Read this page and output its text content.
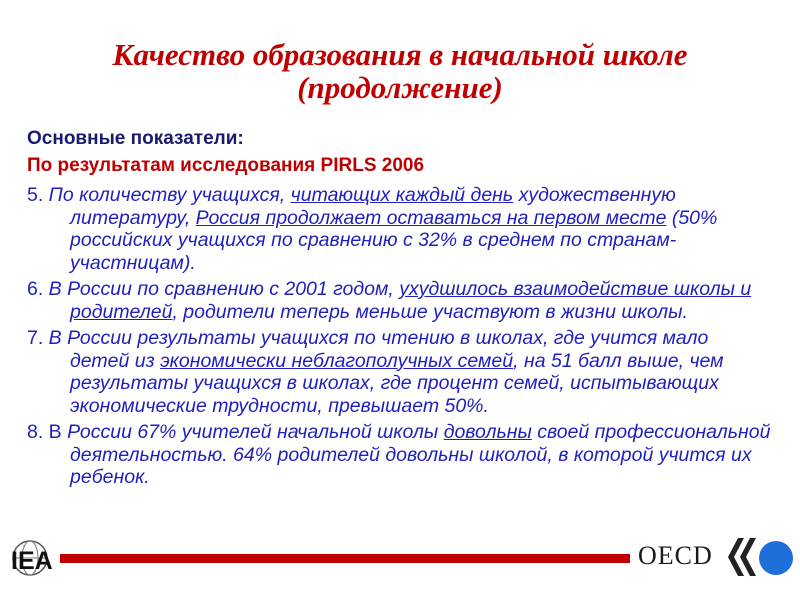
Качество образования в начальной школе
(продолжение)
Основные показатели:
По результатам исследования PIRLS 2006
5. По количеству учащихся, читающих каждый день художественную литературу, Россия продолжает оставаться на первом месте (50% российских учащихся по сравнению с 32% в среднем по странам-участницам).
6. В России по сравнению с 2001 годом, ухудшилось взаимодействие школы и родителей, родители теперь меньше участвуют в жизни школы.
7. В России результаты учащихся по чтению в школах, где учится мало детей из экономически неблагополучных семей, на 51 балл выше, чем результаты учащихся в школах, где процент семей, испытывающих экономические трудности, превышает 50%.
8. В России 67% учителей начальной школы довольны своей профессиональной деятельностью. 64% родителей довольны школой, в которой учится их ребенок.
IEA	OECD
